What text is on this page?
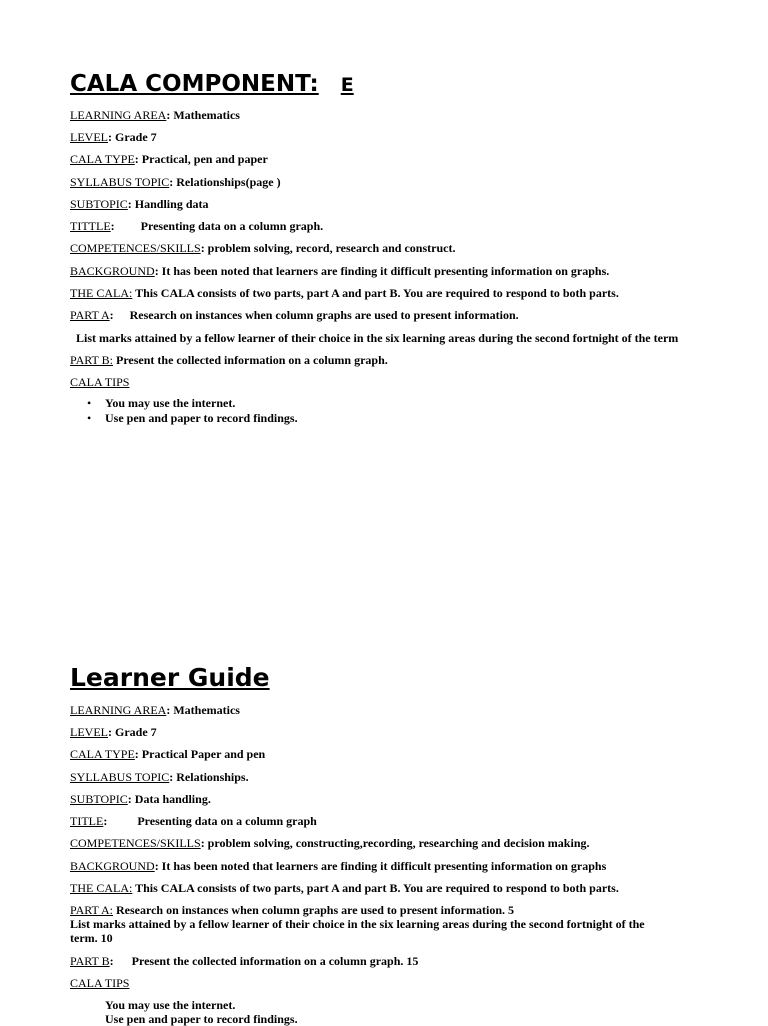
CALA COMPONENT: E
LEARNING AREA: Mathematics
LEVEL: Grade 7
CALA TYPE: Practical, pen and paper
SYLLABUS TOPIC: Relationships(page )
SUBTOPIC: Handling data
TITTLE: Presenting data on a column graph.
COMPETENCES/SKILLS: problem solving, record, research and construct.
BACKGROUND: It has been noted that learners are finding it difficult presenting information on graphs.
THE CALA: This CALA consists of two parts, part A and part B. You are required to respond to both parts.
PART A: Research on instances when column graphs are used to present information.
List marks attained by a fellow learner of their choice in the six learning areas during the second fortnight of the term
PART B: Present the collected information on a column graph.
CALA TIPS
• You may use the internet.
• Use pen and paper to record findings.
Learner Guide
LEARNING AREA: Mathematics
LEVEL: Grade 7
CALA TYPE: Practical Paper and pen
SYLLABUS TOPIC: Relationships.
SUBTOPIC: Data handling.
TITLE:	Presenting data on a column graph
COMPETENCES/SKILLS: problem solving, constructing,recording, researching and decision making.
BACKGROUND: It has been noted that learners are finding it difficult presenting information on graphs
THE CALA: This CALA consists of two parts, part A and part B. You are required to respond to both parts.
PART A: Research on instances when column graphs are used to present information. 5
List marks attained by a fellow learner of their choice in the six learning areas during the second fortnight of the term. 10
PART B: Present the collected information on a column graph. 15
CALA TIPS
You may use the internet.
Use pen and paper to record findings.
